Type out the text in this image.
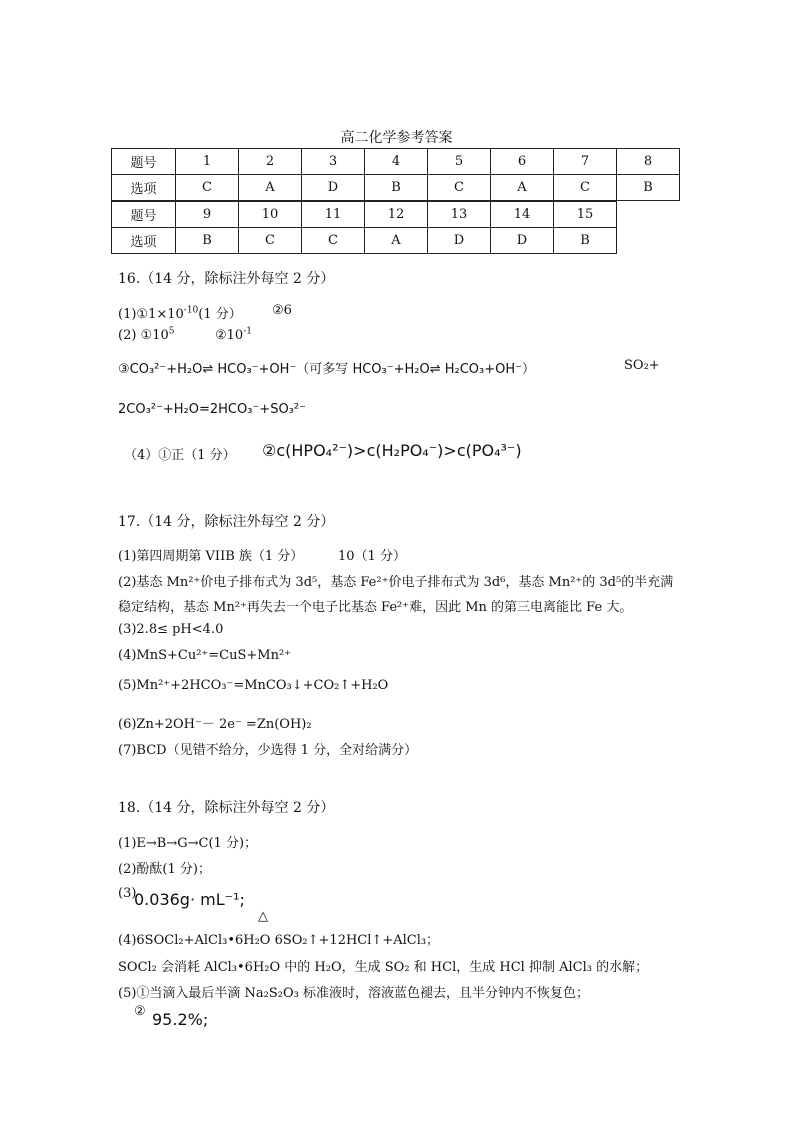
高二化学参考答案
题号	1	2	3	4	5	6	7	8
选项	C	A	D	B	C	A	C	B
题号	9	10	11	12	13	14	15
选项	B	C	C	A	D	D	B
16.（14 分，除标注外每空 2 分）
$(1)①1\times 10^{-10}(1$ 分） ②6
(2) $①10^5$	$②10^{-1}$
③CO₃²⁻+H₂O⇌ HCO₃⁻+OH⁻（可多写 HCO₃⁻+H₂O⇌ H₂CO₃+OH⁻）	SO₂+
2CO₃²⁻+H₂O=2HCO₃⁻+SO₃²⁻
（4）①正（1 分） ②c(HPO₄²⁻)>c(H₂PO₄⁻)>c(PO₄³⁻)
17.（14 分，除标注外每空 2 分）
(1)第四周期第 VIIB 族（1 分）	10（1 分）
(2)基态 Mn²⁺价电子排布式为 3d⁵，基态 Fe²⁺价电子排布式为 3d⁶，基态 Mn²⁺的 3d⁵的半充满
稳定结构，基态 Mn²⁺再失去一个电子比基态 Fe²⁺难，因此 Mn 的第三电离能比 Fe 大。
(3)2.8≤ pH<4.0
(4)MnS+Cu²⁺=CuS+Mn²⁺
(5)Mn²⁺+2HCO₃⁻=MnCO₃↓+CO₂↑+H₂O
(6)Zn+2OH⁻－ 2e⁻ =Zn(OH)₂
(7)BCD（见错不给分，少选得 1 分，全对给满分）
18.（14 分，除标注外每空 2 分）
(1)E→B→G→C(1 分)；
(2)酚酞(1 分)；
(3)
0.036g· mL⁻¹;
△
(4)6SOCl₂+AlCl₃•6H₂O 6SO₂↑+12HCl↑+AlCl₃；
SOCl₂ 会消耗 AlCl₃•6H₂O 中的 H₂O，生成 SO₂ 和 HCl，生成 HCl 抑制 AlCl₃ 的水解；
(5)①当滴入最后半滴 Na₂S₂O₃ 标准液时，溶液蓝色褪去，且半分钟内不恢复色；
② 95.2%;
